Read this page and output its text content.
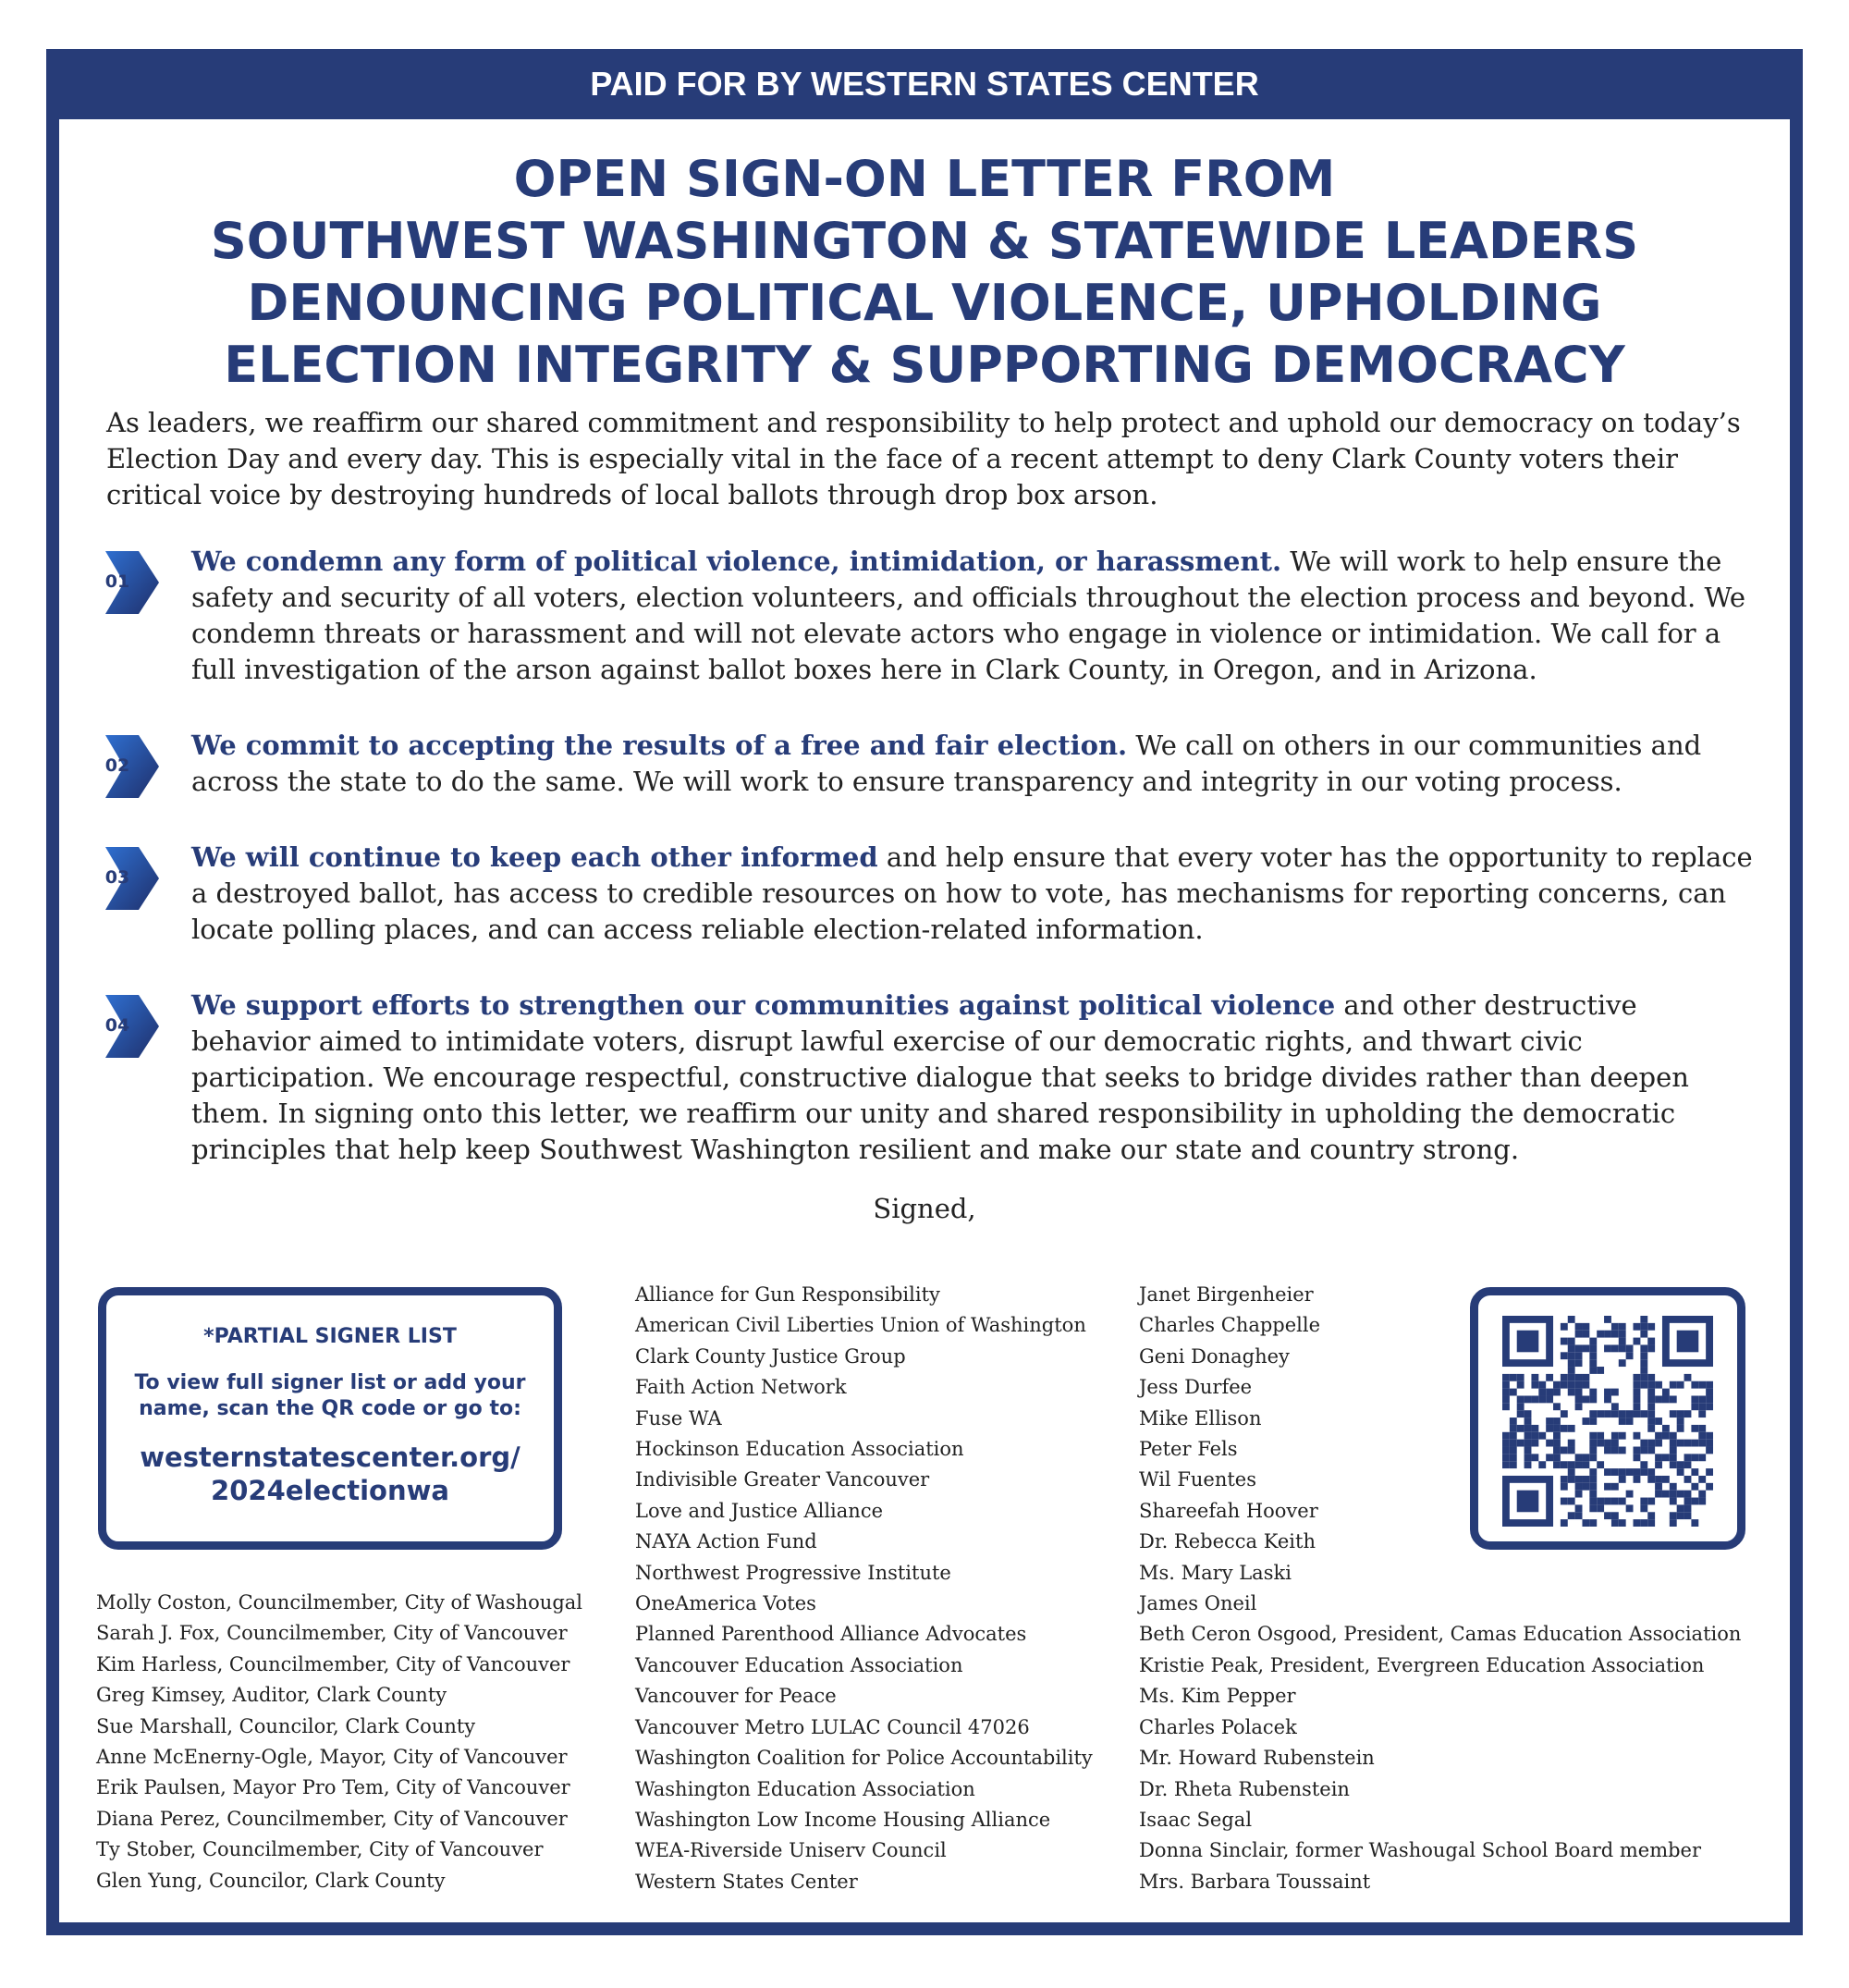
PAID FOR BY WESTERN STATES CENTER
OPEN SIGN-ON LETTER FROM
SOUTHWEST WASHINGTON & STATEWIDE LEADERS
DENOUNCING POLITICAL VIOLENCE, UPHOLDING
ELECTION INTEGRITY & SUPPORTING DEMOCRACY
As leaders, we reaffirm our shared commitment and responsibility to help protect and uphold our democracy on today’s Election Day and every day. This is especially vital in the face of a recent attempt to deny Clark County voters their critical voice by destroying hundreds of local ballots through drop box arson.
01
We condemn any form of political violence, intimidation, or harassment. We will work to help ensure the safety and security of all voters, election volunteers, and officials throughout the election process and beyond. We condemn threats or harassment and will not elevate actors who engage in violence or intimidation. We call for a full investigation of the arson against ballot boxes here in Clark County, in Oregon, and in Arizona.
02
We commit to accepting the results of a free and fair election. We call on others in our communities and across the state to do the same. We will work to ensure transparency and integrity in our voting process.
03
We will continue to keep each other informed and help ensure that every voter has the opportunity to replace a destroyed ballot, has access to credible resources on how to vote, has mechanisms for reporting concerns, can locate polling places, and can access reliable election-related information.
04
We support efforts to strengthen our communities against political violence and other destructive behavior aimed to intimidate voters, disrupt lawful exercise of our democratic rights, and thwart civic participation. We encourage respectful, constructive dialogue that seeks to bridge divides rather than deepen them. In signing onto this letter, we reaffirm our unity and shared responsibility in upholding the democratic principles that help keep Southwest Washington resilient and make our state and country strong.
Signed,
*PARTIAL SIGNER LIST
To view full signer list or add your name, scan the QR code or go to:
westernstatescenter.org/
2024electionwa
Molly Coston, Councilmember, City of Washougal
Sarah J. Fox, Councilmember, City of Vancouver
Kim Harless, Councilmember, City of Vancouver
Greg Kimsey, Auditor, Clark County
Sue Marshall, Councilor, Clark County
Anne McEnerny-Ogle, Mayor, City of Vancouver
Erik Paulsen, Mayor Pro Tem, City of Vancouver
Diana Perez, Councilmember, City of Vancouver
Ty Stober, Councilmember, City of Vancouver
Glen Yung, Councilor, Clark County
Alliance for Gun Responsibility
American Civil Liberties Union of Washington
Clark County Justice Group
Faith Action Network
Fuse WA
Hockinson Education Association
Indivisible Greater Vancouver
Love and Justice Alliance
NAYA Action Fund
Northwest Progressive Institute
OneAmerica Votes
Planned Parenthood Alliance Advocates
Vancouver Education Association
Vancouver for Peace
Vancouver Metro LULAC Council 47026
Washington Coalition for Police Accountability
Washington Education Association
Washington Low Income Housing Alliance
WEA-Riverside Uniserv Council
Western States Center
Janet Birgenheier
Charles Chappelle
Geni Donaghey
Jess Durfee
Mike Ellison
Peter Fels
Wil Fuentes
Shareefah Hoover
Dr. Rebecca Keith
Ms. Mary Laski
James Oneil
Beth Ceron Osgood, President, Camas Education Association
Kristie Peak, President, Evergreen Education Association
Ms. Kim Pepper
Charles Polacek
Mr. Howard Rubenstein
Dr. Rheta Rubenstein
Isaac Segal
Donna Sinclair, former Washougal School Board member
Mrs. Barbara Toussaint
